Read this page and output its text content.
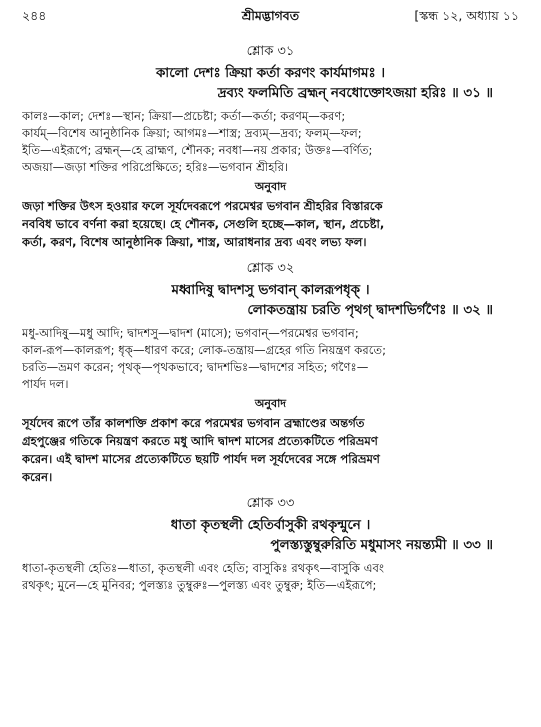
২৪৪	শ্রীমদ্ভাগবত	[স্কন্ধ ১২, অধ্যায় ১১
শ্লোক ৩১
কালো দেশঃ ক্রিয়া কর্তা করণং কার্যমাগমঃ ।
দ্রব্যং ফলমিতি ব্রহ্মন্ নবধোক্তোঽজয়া হরিঃ ॥ ৩১ ॥
কালঃ—কাল; দেশঃ—স্থান; ক্রিয়া—প্রচেষ্টা; কর্তা—কর্তা; করণম্—করণ;
কার্যম্—বিশেষ আনুষ্ঠানিক ক্রিয়া; আগমঃ—শাস্ত্র; দ্রব্যম্—দ্রব্য; ফলম্—ফল;
ইতি—এইরূপে; ব্রহ্মন্—হে ব্রাহ্মণ, শৌনক; নবধা—নয় প্রকার; উক্তঃ—বর্ণিত;
অজয়া—জড়া শক্তির পরিপ্রেক্ষিতে; হরিঃ—ভগবান শ্রীহরি।
অনুবাদ
জড়া শক্তির উৎস হওয়ার ফলে সূর্যদেবরূপে পরমেশ্বর ভগবান শ্রীহরির বিস্তারকে
নববিধ ভাবে বর্ণনা করা হয়েছে। হে শৌনক, সেগুলি হচ্ছে—কাল, স্থান, প্রচেষ্টা,
কর্তা, করণ, বিশেষ আনুষ্ঠানিক ক্রিয়া, শাস্ত্র, আরাধনার দ্রব্য এবং লভ্য ফল।
শ্লোক ৩২
মধ্বাদিষু দ্বাদশসু ভগবান্ কালরূপধৃক্ ।
লোকতন্ত্রায় চরতি পৃথগ্ দ্বাদশভির্গণৈঃ ॥ ৩২ ॥
মধু-আদিষু—মধু আদি; দ্বাদশসু—দ্বাদশ (মাসে); ভগবান্—পরমেশ্বর ভগবান;
কাল-রূপ—কালরূপ; ধৃক্—ধারণ করে; লোক-তন্ত্রায়—গ্রহের গতি নিয়ন্ত্রণ করতে;
চরতি—ভ্রমণ করেন; পৃথক্—পৃথকভাবে; দ্বাদশভিঃ—দ্বাদশের সহিত; গণৈঃ—
পার্যদ দল।
অনুবাদ
সূর্যদেব রূপে তাঁর কালশক্তি প্রকাশ করে পরমেশ্বর ভগবান ব্রহ্মাণ্ডের অন্তর্গত
গ্রহপুঞ্জের গতিকে নিয়ন্ত্রণ করতে মধু আদি দ্বাদশ মাসের প্রত্যেকটিতে পরিভ্রমণ
করেন। এই দ্বাদশ মাসের প্রত্যেকটিতে ছয়টি পার্যদ দল সূর্যদেবের সঙ্গে পরিভ্রমণ
করেন।
শ্লোক ৩৩
ধাতা কৃতস্থলী হেতির্বাসুকী রথকৃন্মুনে ।
পুলস্ত্যস্তুম্বুরুরিতি মধুমাসং নয়ন্ত্যমী ॥ ৩৩ ॥
ধাতা-কৃতস্থলী হেতিঃ—ধাতা, কৃতস্থলী এবং হেতি; বাসুকিঃ রথকৃৎ—বাসুকি এবং
রথকৃৎ; মুনে—হে মুনিবর; পুলস্ত্যঃ তুম্বুরুঃ—পুলস্ত্য এবং তুম্বুরু; ইতি—এইরূপে;
